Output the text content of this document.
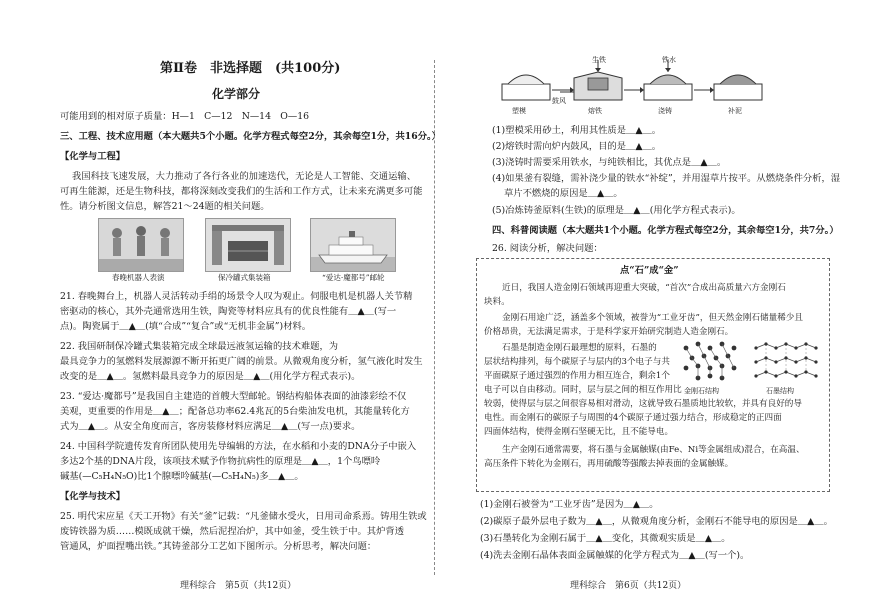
第Ⅱ卷　非选择题　(共100分)
化学部分
可能用到的相对原子质量：H—1　C—12　N—14　O—16
三、工程、技术应用题（本大题共5个小题。化学方程式每空2分，其余每空1分，共16分。）
【化学与工程】
我国科技飞速发展，大力推动了各行各业的加速迭代，无论是人工智能、交通运输、
可再生能源，还是生物科技，都将深刻改变我们的生活和工作方式，让未来充满更多可能
性。请分析图文信息，解答21～24题的相关问题。
春晚机器人表演	保冷罐式集装箱	“爱达·魔都号”邮轮
21. 春晚舞台上，机器人灵活转动手绢的场景令人叹为观止。伺服电机是机器人关节精
密驱动的核心，其外壳通常选用生铁，陶瓷等材料应具有的优良性能有＿▲＿(写一
点)。陶瓷属于＿▲＿(填“合成”“复合”或“无机非金属”)材料。
22. 我国研制保冷罐式集装箱完成全球最远液氢运输的技术难题，为
最具竞争力的氢燃料发展源源不断开拓更广阔的前景。从微观角度分析，氢气液化时发生
改变的是＿▲＿。氢燃料最具竞争力的原因是＿▲＿(用化学方程式表示)。
23. “爱达·魔都号”是我国自主建造的首艘大型邮轮。钢结构船体表面的油漆彩绘不仅
美观，更重要的作用是＿▲＿；配备总功率62.4兆瓦的5台柴油发电机，其能量转化方
式为＿▲＿。从安全角度而言，客房装修材料应满足＿▲＿(写一点)要求。
24. 中国科学院遗传发育所团队使用先导编辑的方法，在水稻和小麦的DNA分子中嵌入
多达2个基的DNA片段，该项技术赋予作物抗病性的原理是＿▲＿，1个鸟嘌呤
碱基(—C₅H₄N₅O)比1个腺嘌呤碱基(—C₅H₄N₅)多＿▲＿。
【化学与技术】
25. 明代宋应星《天工开物》有关“釜”记载：“凡釜储水受火，日用司命系焉。铸用生铁或
废铸铁器为质……模既成就干燥，然后泥捏冶炉，其中如釜，受生铁于中。其炉背透
管通风，炉面捏嘴出铁。”其铸釜部分工艺如下图所示。分析思考，解决问题：
理科综合　第5页（共12页）
生铁	铁水
鼓风
塑模	熔铁	浇铸	补泥
(1)塑模采用砂土，利用其性质是＿▲＿。
(2)熔铁时需向炉内鼓风，目的是＿▲＿。
(3)浇铸时需要采用铁水，与纯铁相比，其优点是＿▲＿。
(4)如果釜有裂缝，需补浇少量的铁水“补绽”，并用湿草片按平。从燃烧条件分析，湿
草片不燃烧的原因是＿▲＿。
(5)冶炼铸釜原料(生铁)的原理是＿▲＿(用化学方程式表示)。
四、科普阅读题（本大题共1个小题。化学方程式每空2分，其余每空1分，共7分。）
26. 阅读分析，解决问题：
点“石”成“金”
近日，我国人造金刚石领域再迎重大突破，“首次”合成出高质量六方金刚石
块料。
金刚石用途广泛，涵盖多个领域，被誉为“工业牙齿”，但天然金刚石储量稀少且
价格昂贵，无法满足需求，于是科学家开始研究制造人造金刚石。
石墨是制造金刚石最理想的原料，石墨的
层状结构排列，每个碳原子与层内的3个电子与共
平面碳原子通过强烈的作用力相互连合，剩余1个
电子可以自由移动。同时，层与层之间的相互作用比
较弱，使得层与层之间很容易相对滑动，这就导致石墨质地比较软，并具有良好的导
电性。而金刚石的碳原子与周围的4个碳原子通过强力结合，形成稳定的正四面
四面体结构，使得金刚石坚硬无比，且不能导电。
生产金刚石通常需要，将石墨与金属触媒(由Fe、Ni等金属组成)混合，在高温、
高压条件下转化为金刚石，再用硫酸等强酸去掉表面的金属触媒。
金刚石结构	石墨结构
(1)金刚石被誉为“工业牙齿”是因为＿▲＿。
(2)碳原子最外层电子数为＿▲＿，从微观角度分析，金刚石不能导电的原因是＿▲＿。
(3)石墨转化为金刚石属于＿▲＿变化，其微观实质是＿▲＿。
(4)洗去金刚石晶体表面金属触媒的化学方程式为＿▲＿(写一个)。
理科综合　第6页（共12页）
